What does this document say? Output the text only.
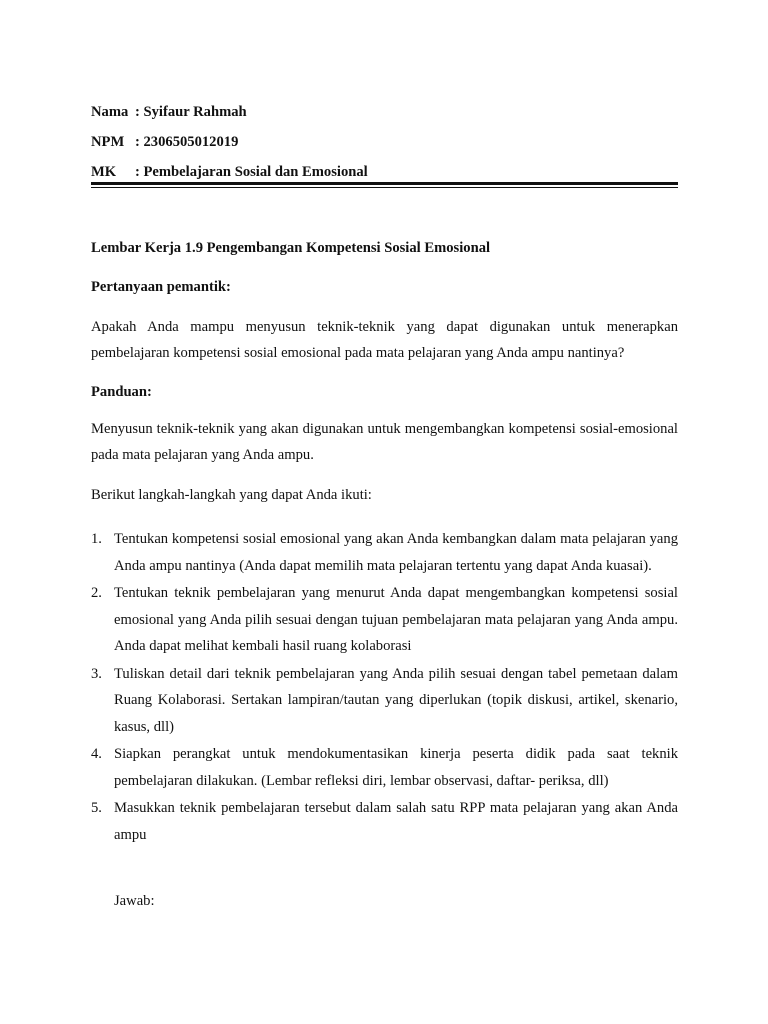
Nama : Syifaur Rahmah
NPM : 2306505012019
MK : Pembelajaran Sosial dan Emosional
Lembar Kerja 1.9 Pengembangan Kompetensi Sosial Emosional
Pertanyaan pemantik:
Apakah Anda mampu menyusun teknik-teknik yang dapat digunakan untuk menerapkan pembelajaran kompetensi sosial emosional pada mata pelajaran yang Anda ampu nantinya?
Panduan:
Menyusun teknik-teknik yang akan digunakan untuk mengembangkan kompetensi sosial-emosional pada mata pelajaran yang Anda ampu.
Berikut langkah-langkah yang dapat Anda ikuti:
1. Tentukan kompetensi sosial emosional yang akan Anda kembangkan dalam mata pelajaran yang Anda ampu nantinya (Anda dapat memilih mata pelajaran tertentu yang dapat Anda kuasai).
2. Tentukan teknik pembelajaran yang menurut Anda dapat mengembangkan kompetensi sosial emosional yang Anda pilih sesuai dengan tujuan pembelajaran mata pelajaran yang Anda ampu. Anda dapat melihat kembali hasil ruang kolaborasi
3. Tuliskan detail dari teknik pembelajaran yang Anda pilih sesuai dengan tabel pemetaan dalam Ruang Kolaborasi. Sertakan lampiran/tautan yang diperlukan (topik diskusi, artikel, skenario, kasus, dll)
4. Siapkan perangkat untuk mendokumentasikan kinerja peserta didik pada saat teknik pembelajaran dilakukan. (Lembar refleksi diri, lembar observasi, daftar- periksa, dll)
5. Masukkan teknik pembelajaran tersebut dalam salah satu RPP mata pelajaran yang akan Anda ampu
Jawab:
